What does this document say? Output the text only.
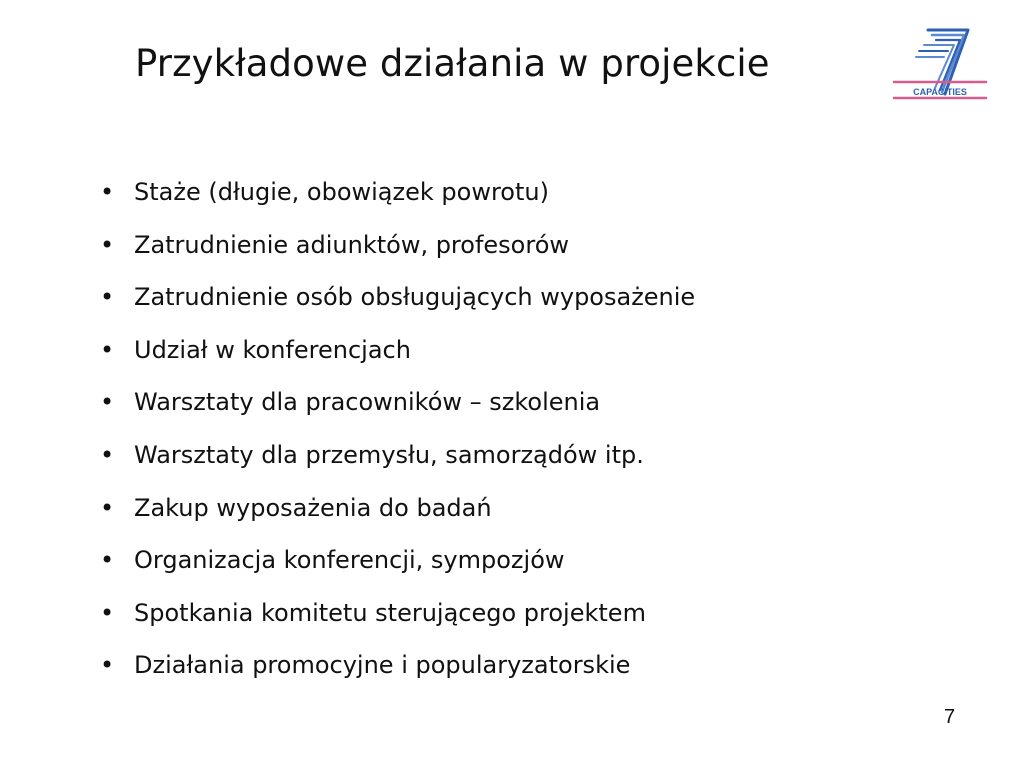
Przykładowe działania w projekcie
CAPACITIES
• Staże (długie, obowiązek powrotu)
• Zatrudnienie adiunktów, profesorów
• Zatrudnienie osób obsługujących wyposażenie
• Udział w konferencjach
• Warsztaty dla pracowników – szkolenia
• Warsztaty dla przemysłu, samorządów itp.
• Zakup wyposażenia do badań
• Organizacja konferencji, sympozjów
• Spotkania komitetu sterującego projektem
• Działania promocyjne i popularyzatorskie
7
